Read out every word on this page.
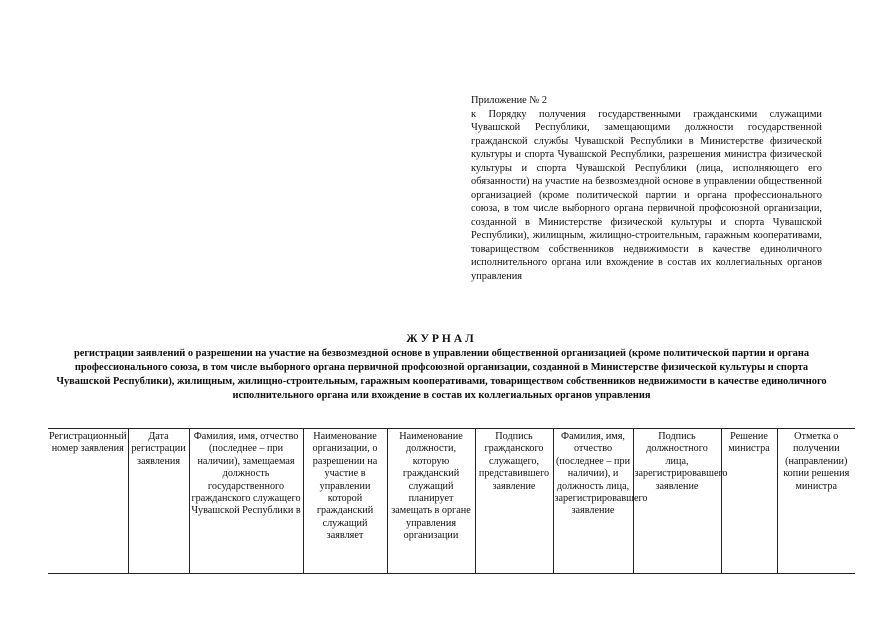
Приложение № 2
к Порядку получения государственными гражданскими служащими Чувашской Республики, замещающими должности государственной гражданской службы Чувашской Республики в Министерстве физической культуры и спорта Чувашской Республики, разрешения министра физической культуры и спорта Чувашской Республики (лица, исполняющего его обязанности) на участие на безвозмездной основе в управлении общественной организацией (кроме политической партии и органа профессионального союза, в том числе выборного органа первичной профсоюзной организации, созданной в Министерстве физической культуры и спорта Чувашской Республики), жилищным, жилищно-строительным, гаражным кооперативами, товариществом собственников недвижимости в качестве единоличного исполнительного органа или вхождение в состав их коллегиальных органов управления
ЖУРНАЛ
регистрации заявлений о разрешении на участие на безвозмездной основе в управлении общественной организацией (кроме политической партии и органа профессионального союза, в том числе выборного органа первичной профсоюзной организации, созданной в Министерстве физической культуры и спорта Чувашской Республики), жилищным, жилищно-строительным, гаражным кооперативами, товариществом собственников недвижимости в качестве единоличного исполнительного органа или вхождение в состав их коллегиальных органов управления
Регистрационный номер заявления	Дата регистрации заявления	Фамилия, имя, отчество (последнее – при наличии), замещаемая должность государственного гражданского служащего Чувашской Республики в	Наименование организации, о разрешении на участие в управлении которой гражданский служащий заявляет	Наименование должности, которую гражданский служащий планирует замещать в органе управления организации	Подпись гражданского служащего, представившего заявление	Фамилия, имя, отчество (последнее – при наличии), и должность лица, зарегистрировавшего заявление	Подпись должностного лица, зарегистрировавшего заявление	Решение министра	Отметка о получении (направлении) копии решения министра
